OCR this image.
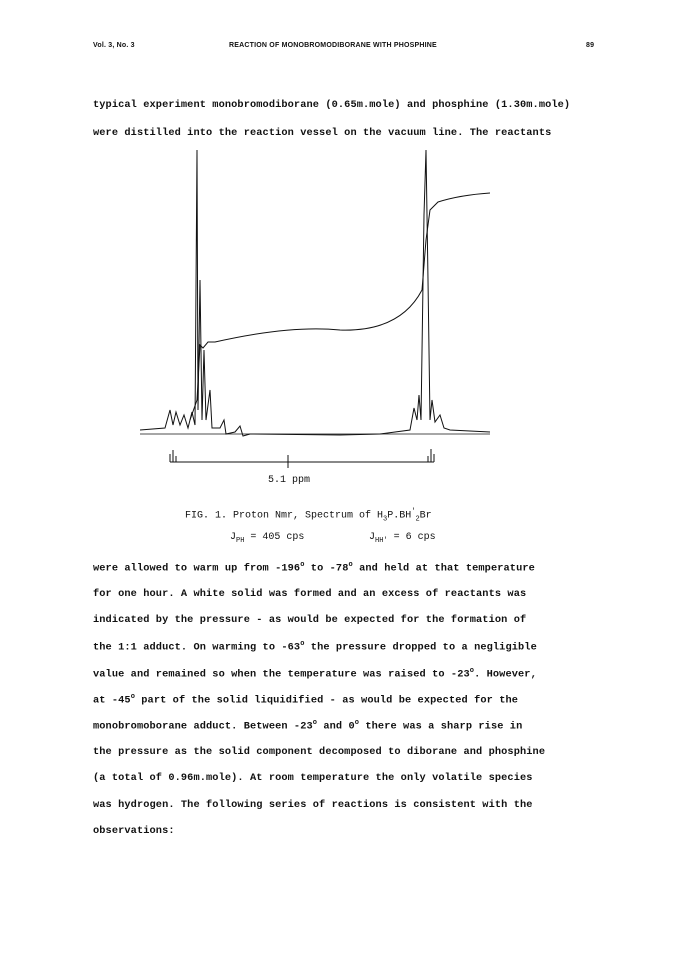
Vol. 3, No. 3	REACTION OF MONOBROMODIBORANE WITH PHOSPHINE	89
typical experiment monobromodiborane (0.65m.mole) and phosphine (1.30m.mole)
were distilled into the reaction vessel on the vacuum line. The reactants
5.1 ppm
FIG. 1. Proton Nmr, Spectrum of $H_3P.BH'_2Br$
$J_{PH} = 405$ cps	$J_{HH'} = 6$ cps
were allowed to warm up from -196$^o$ to -78$^o$ and held at that temperature
for one hour. A white solid was formed and an excess of reactants was
indicated by the pressure - as would be expected for the formation of
the 1:1 adduct. On warming to -63$^o$ the pressure dropped to a negligible
value and remained so when the temperature was raised to -23$^o$. However,
at -45$^o$ part of the solid liquidified - as would be expected for the
monobromoborane adduct. Between -23$^o$ and 0$^o$ there was a sharp rise in
the pressure as the solid component decomposed to diborane and phosphine
(a total of 0.96m.mole). At room temperature the only volatile species
was hydrogen. The following series of reactions is consistent with the
observations:
